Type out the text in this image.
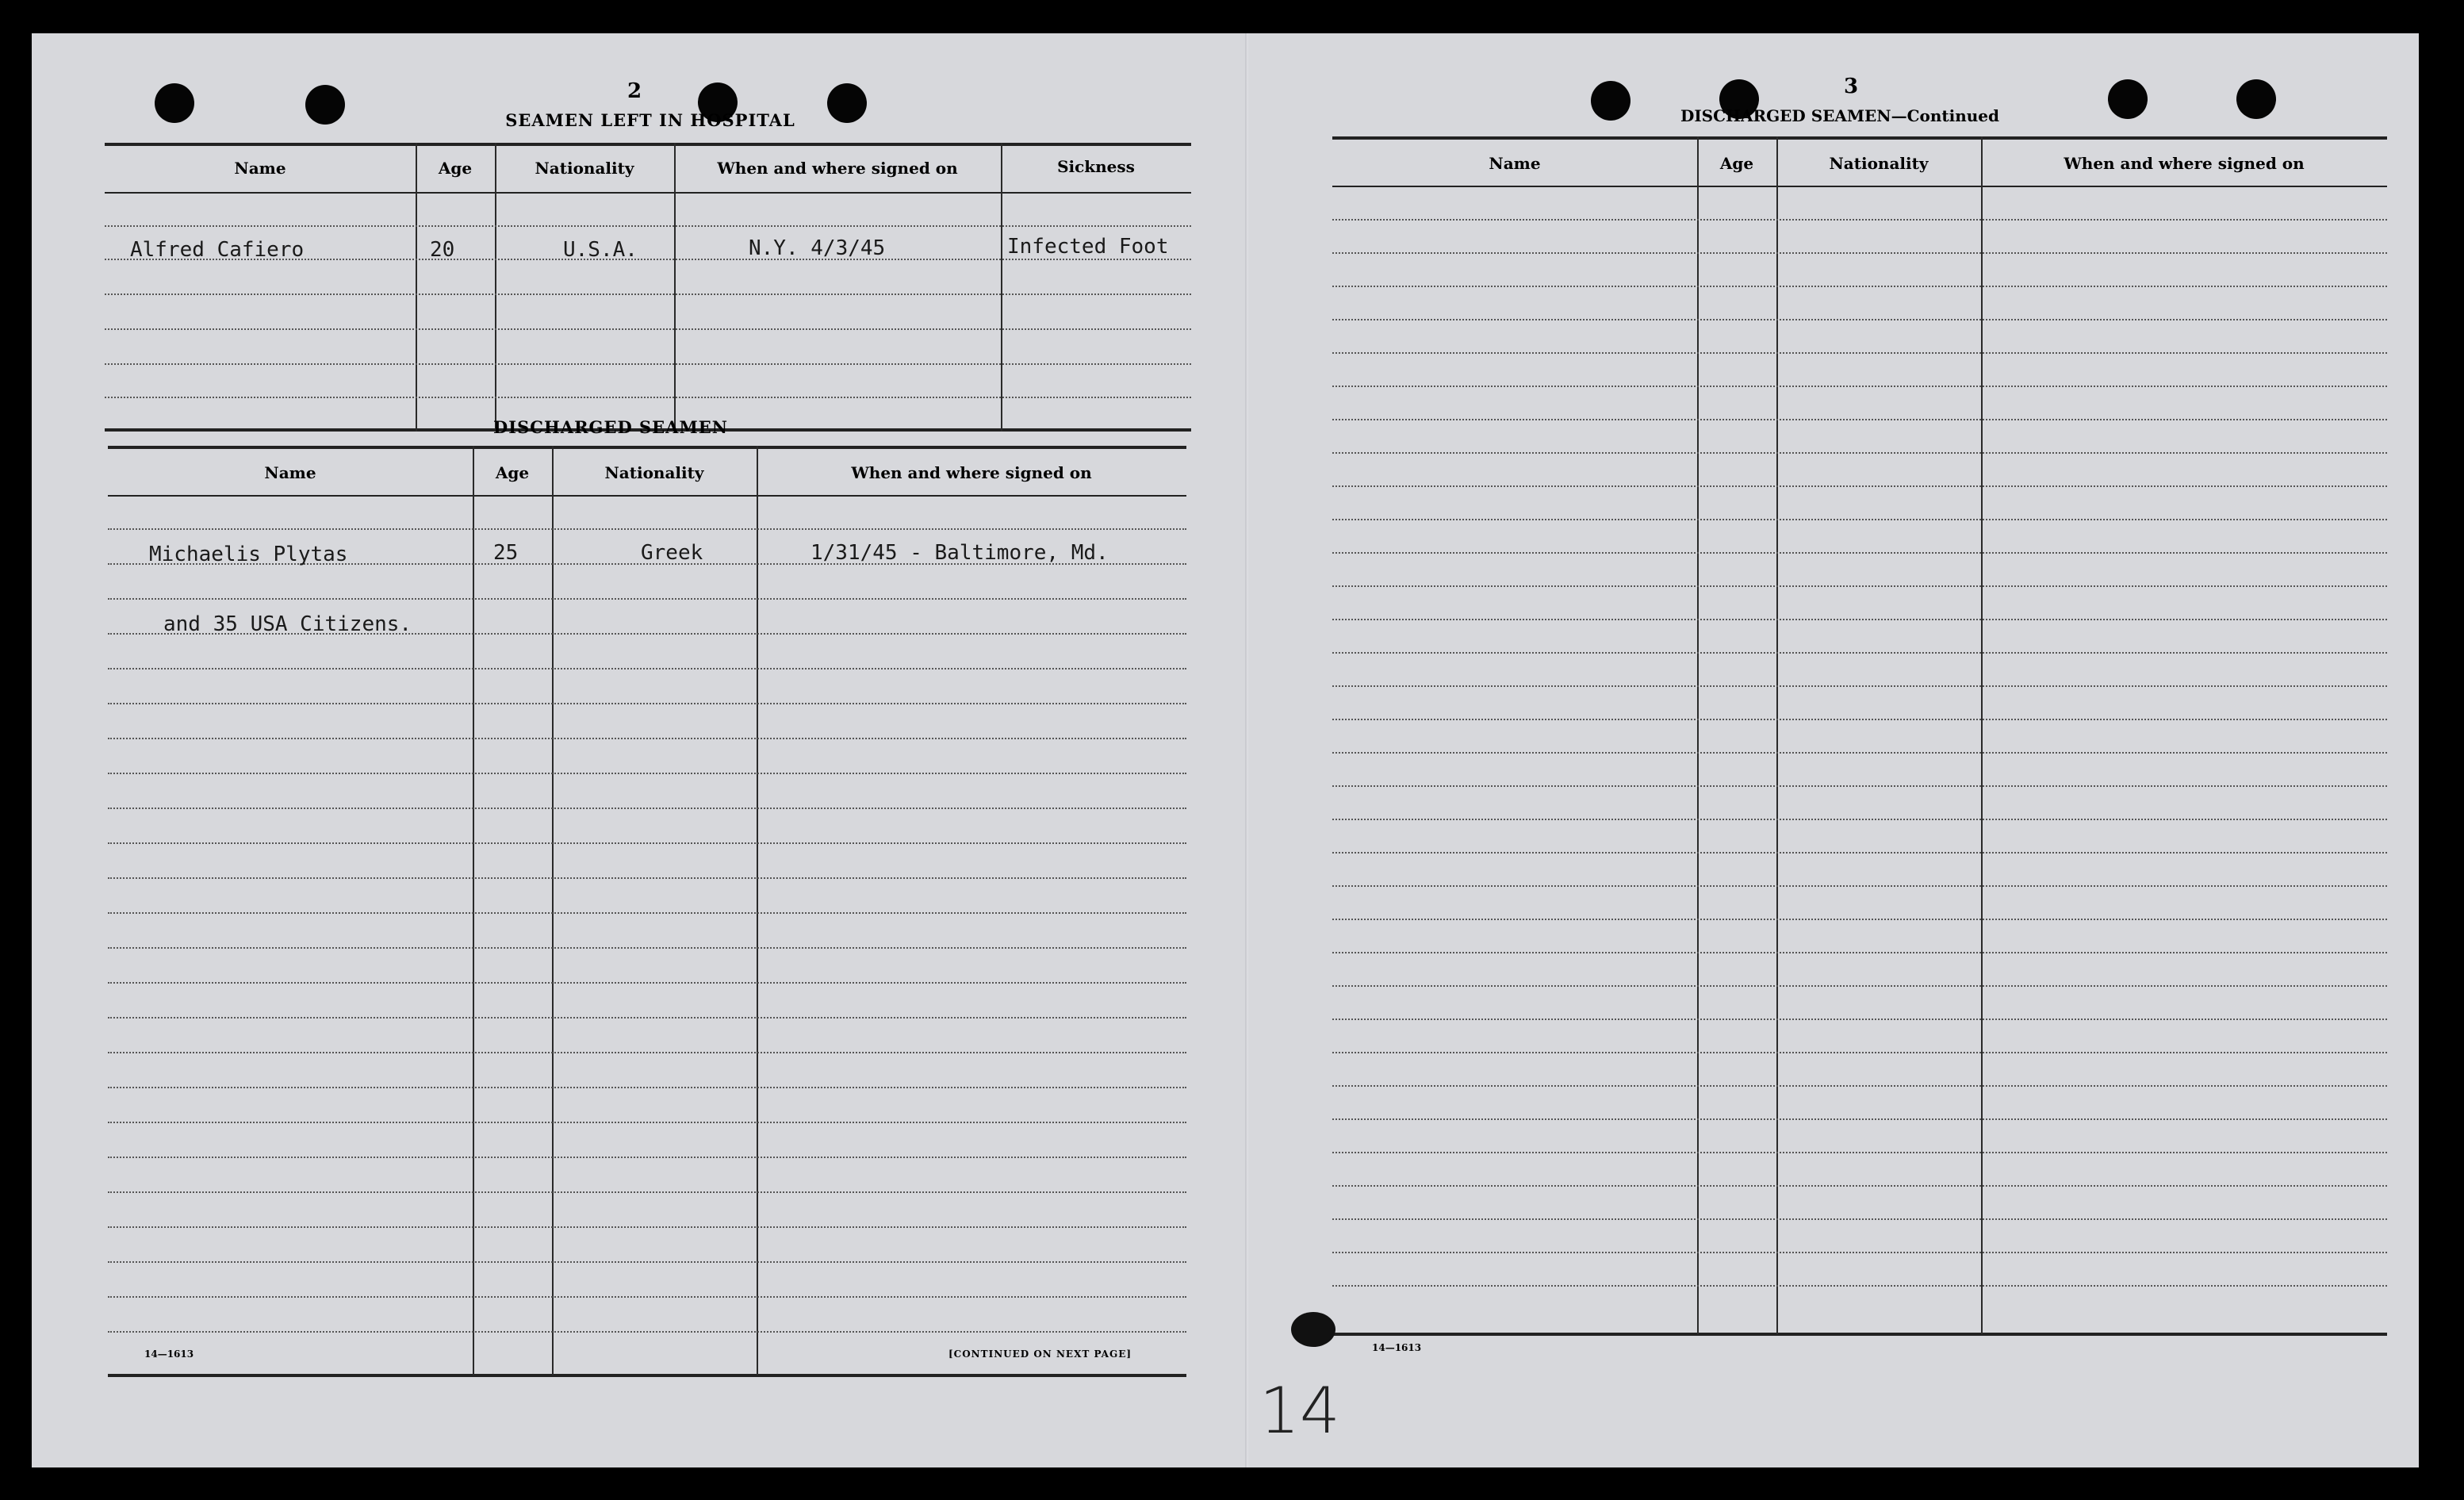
2
SEAMEN LEFT IN HOSPITAL
Name	Age	Nationality	When and where signed on	Sickness
Alfred Cafiero	20	U.S.A.	N.Y. 4/3/45	Infected Foot
DISCHARGED SEAMEN
Name	Age	Nationality	When and where signed on
Michaelis Plytas	25	Greek	1/31/45 - Baltimore, Md.
and 35 USA Citizens.
14—1613	[CONTINUED ON NEXT PAGE]
3
DISCHARGED SEAMEN—Continued
Name	Age	Nationality	When and where signed on
14—1613
14
